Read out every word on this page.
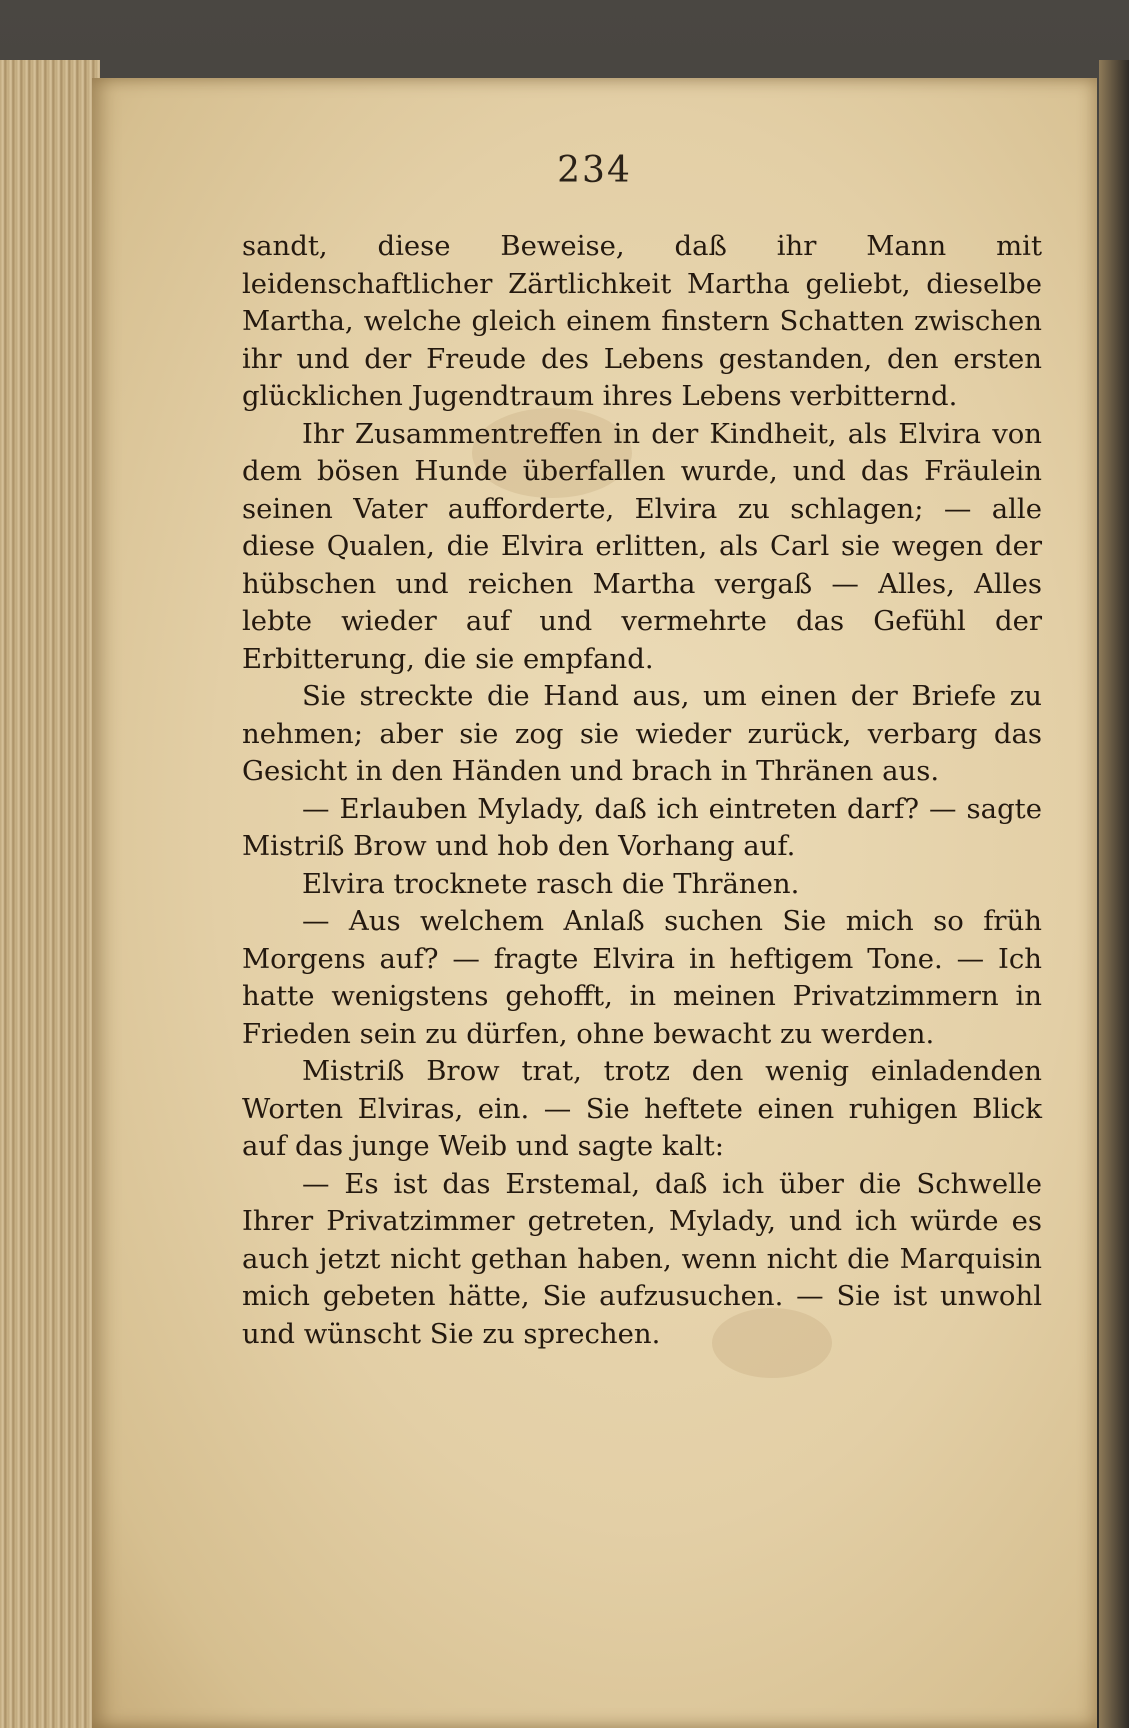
234

sandt, diese Beweise, daß ihr Mann mit leidenschaftlicher Zärtlichkeit Martha geliebt, dieselbe Martha, welche gleich einem finstern Schatten zwischen ihr und der Freude des Lebens gestanden, den ersten glücklichen Jugendtraum ihres Lebens verbitternd.

Ihr Zusammentreffen in der Kindheit, als Elvira von dem bösen Hunde überfallen wurde, und das Fräulein seinen Vater aufforderte, Elvira zu schlagen; — alle diese Qualen, die Elvira erlitten, als Carl sie wegen der hübschen und reichen Martha vergaß — Alles, Alles lebte wieder auf und vermehrte das Gefühl der Erbitterung, die sie empfand.

Sie streckte die Hand aus, um einen der Briefe zu nehmen; aber sie zog sie wieder zurück, verbarg das Gesicht in den Händen und brach in Thränen aus.

— Erlauben Mylady, daß ich eintreten darf? — sagte Mistriß Brow und hob den Vorhang auf.

Elvira trocknete rasch die Thränen.

— Aus welchem Anlaß suchen Sie mich so früh Morgens auf? — fragte Elvira in heftigem Tone. — Ich hatte wenigstens gehofft, in meinen Privatzimmern in Frieden sein zu dürfen, ohne bewacht zu werden.

Mistriß Brow trat, trotz den wenig einladenden Worten Elviras, ein. — Sie heftete einen ruhigen Blick auf das junge Weib und sagte kalt:

— Es ist das Erstemal, daß ich über die Schwelle Ihrer Privatzimmer getreten, Mylady, und ich würde es auch jetzt nicht gethan haben, wenn nicht die Marquisin mich gebeten hätte, Sie aufzusuchen. — Sie ist unwohl und wünscht Sie zu sprechen.
